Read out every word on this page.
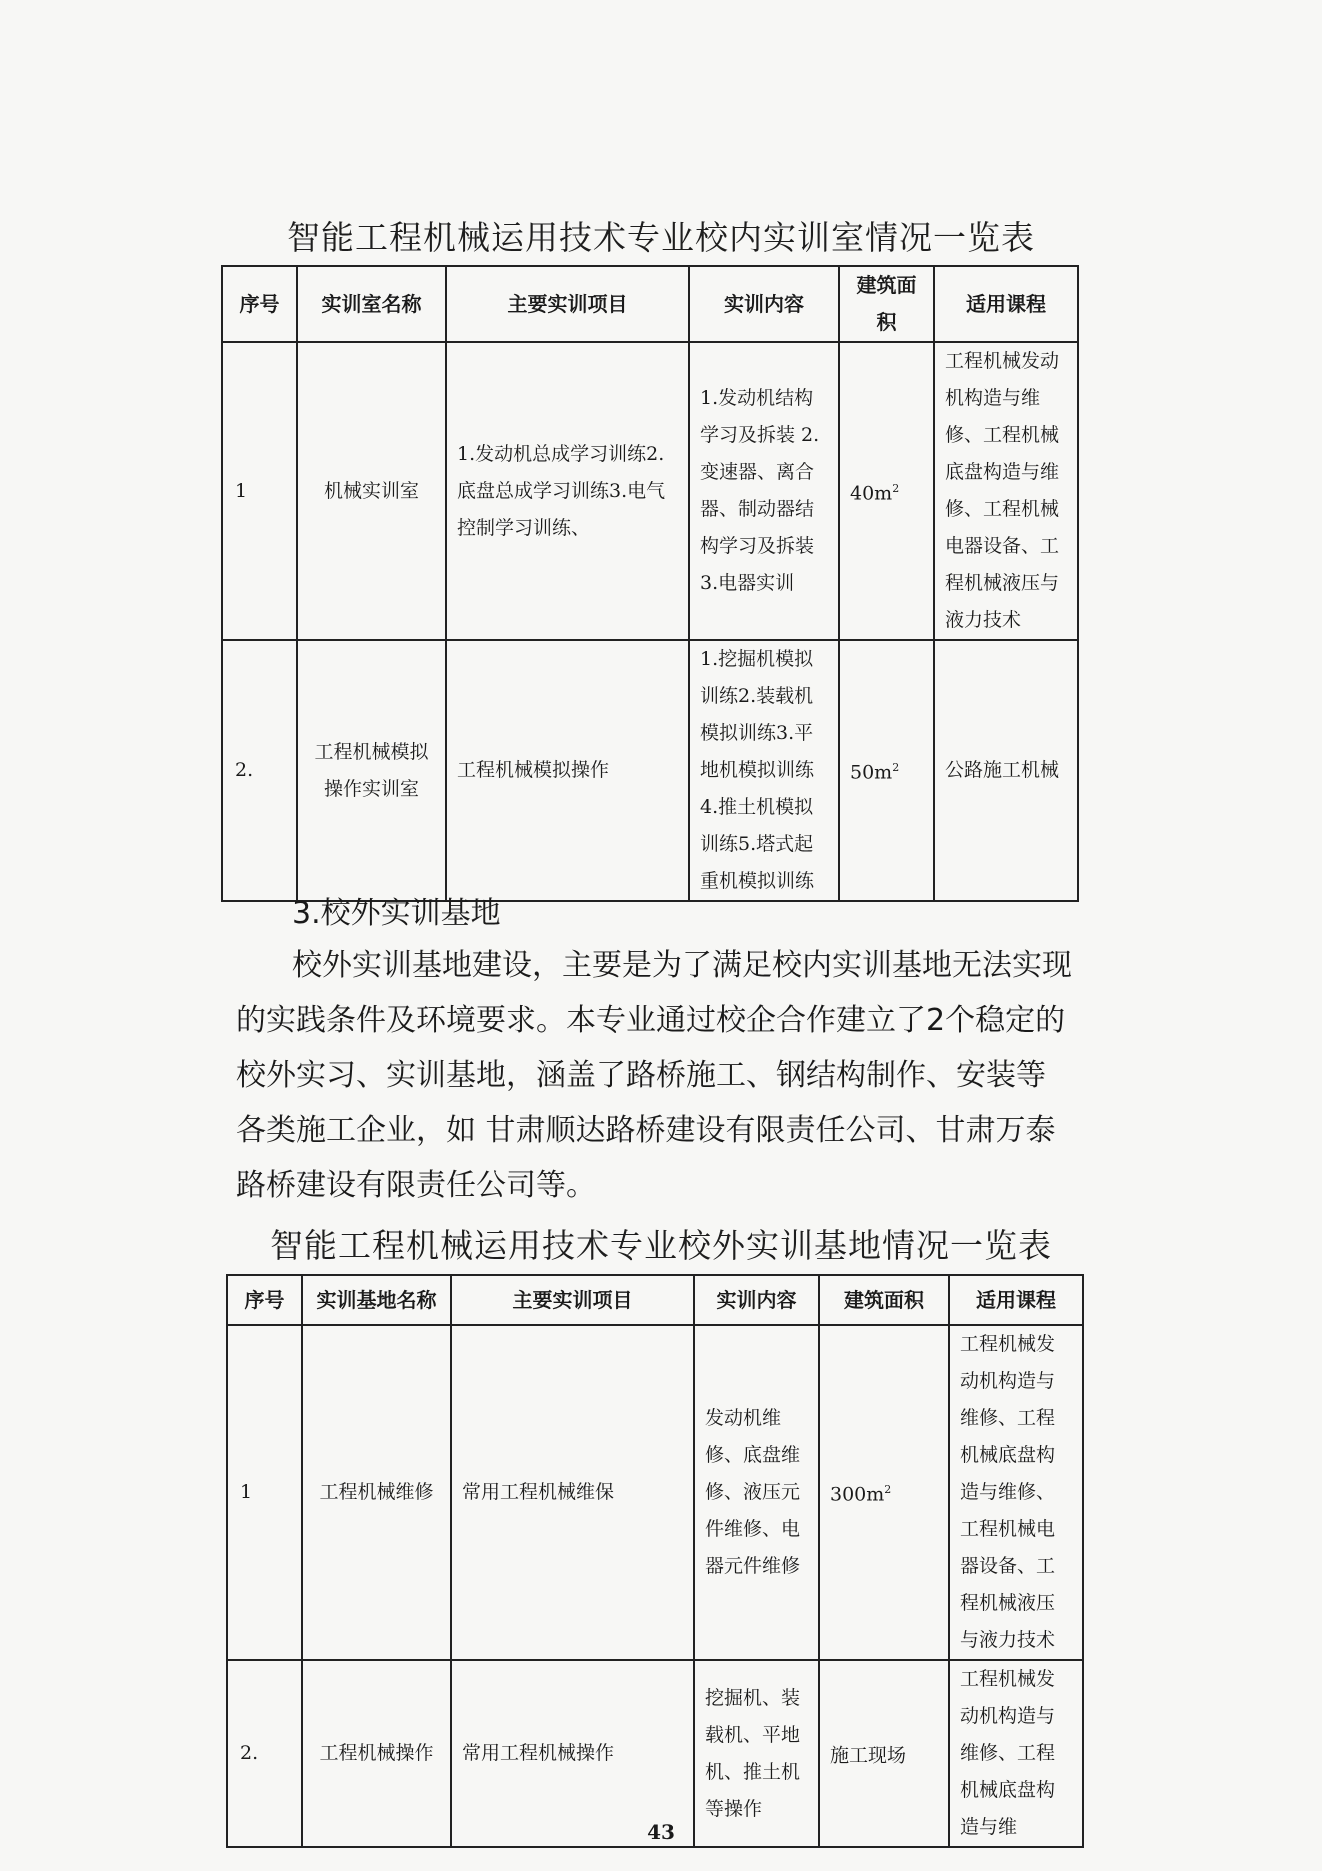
智能工程机械运用技术专业校内实训室情况一览表
序号	实训室名称	主要实训项目	实训内容	建筑面积	适用课程
1	机械实训室	1.发动机总成学习训练2.底盘总成学习训练3.电气控制学习训练、	1.发动机结构学习及拆装 2.变速器、离合器、制动器结构学习及拆装 3.电器实训	$40m^2$	工程机械发动机构造与维修、工程机械底盘构造与维修、工程机械电器设备、工程机械液压与液力技术
2.	工程机械模拟操作实训室	工程机械模拟操作	1.挖掘机模拟训练2.装载机模拟训练3.平地机模拟训练4.推土机模拟训练5.塔式起重机模拟训练	$50m^2$	公路施工机械
3.校外实训基地

校外实训基地建设，主要是为了满足校内实训基地无法实现的实践条件及环境要求。本专业通过校企合作建立了2个稳定的校外实习、实训基地，涵盖了路桥施工、钢结构制作、安装等各类施工企业，如 甘肃顺达路桥建设有限责任公司、甘肃万泰路桥建设有限责任公司等。

智能工程机械运用技术专业校外实训基地情况一览表
序号	实训基地名称	主要实训项目	实训内容	建筑面积	适用课程
1	工程机械维修	常用工程机械维保	发动机维修、底盘维修、液压元件维修、电器元件维修	$300m^2$	工程机械发动机构造与维修、工程机械底盘构造与维修、工程机械电器设备、工程机械液压与液力技术
2.	工程机械操作	常用工程机械操作	挖掘机、装载机、平地机、推土机等操作	施工现场	工程机械发动机构造与维修、工程机械底盘构造与维
43
